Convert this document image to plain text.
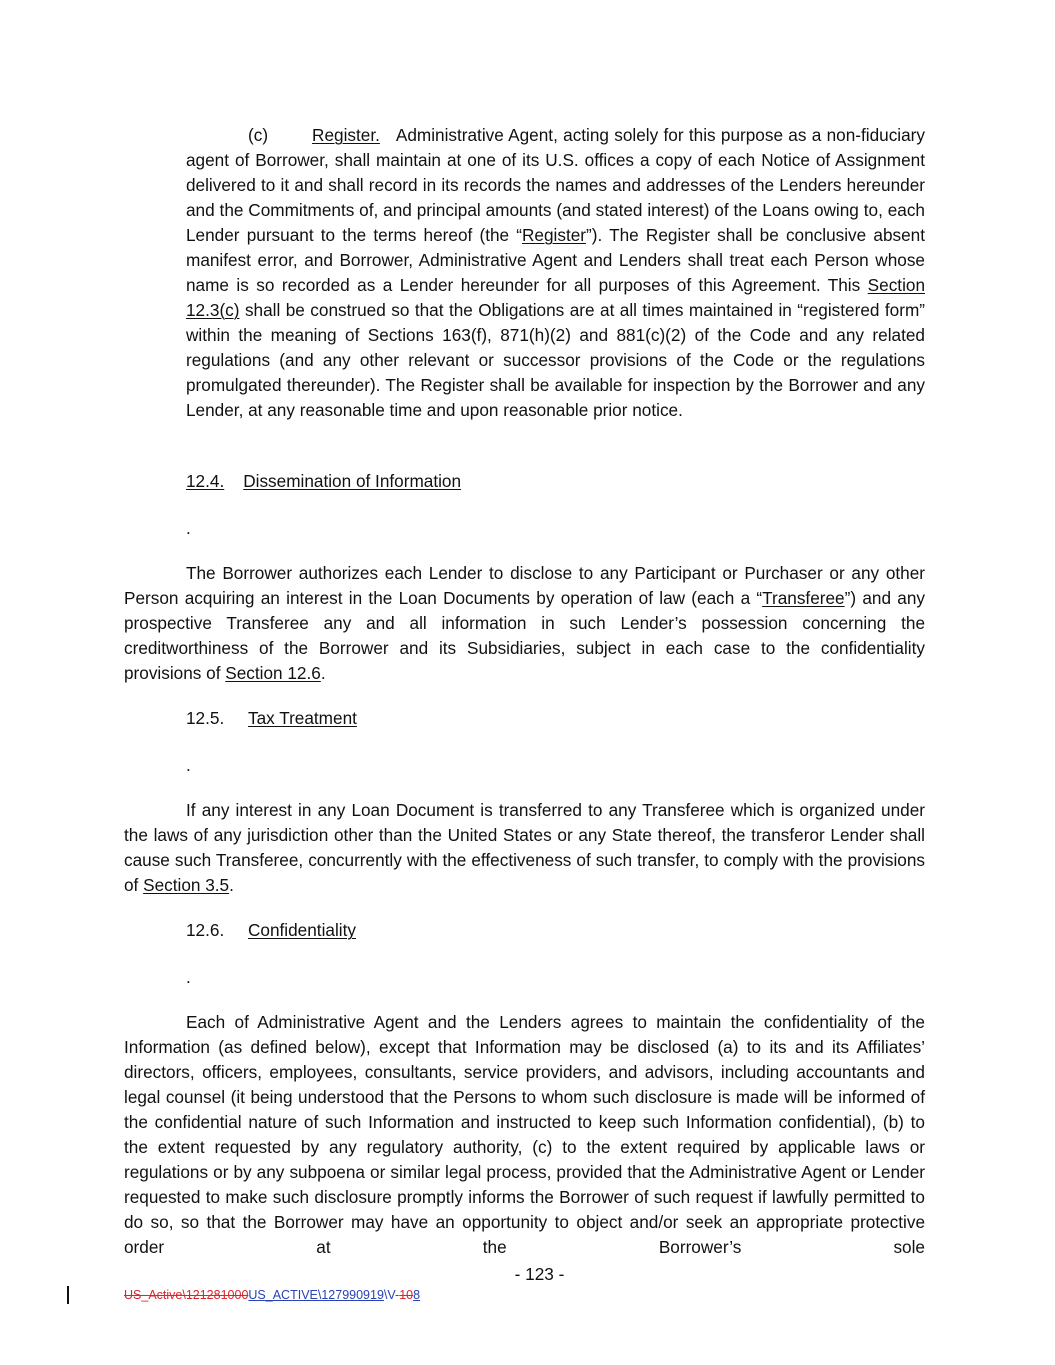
(c)	Register. Administrative Agent, acting solely for this purpose as a non-fiduciary agent of Borrower, shall maintain at one of its U.S. offices a copy of each Notice of Assignment delivered to it and shall record in its records the names and addresses of the Lenders hereunder and the Commitments of, and principal amounts (and stated interest) of the Loans owing to, each Lender pursuant to the terms hereof (the “Register”). The Register shall be conclusive absent manifest error, and Borrower, Administrative Agent and Lenders shall treat each Person whose name is so recorded as a Lender hereunder for all purposes of this Agreement. This Section 12.3(c) shall be construed so that the Obligations are at all times maintained in “registered form” within the meaning of Sections 163(f), 871(h)(2) and 881(c)(2) of the Code and any related regulations (and any other relevant or successor provisions of the Code or the regulations promulgated thereunder). The Register shall be available for inspection by the Borrower and any Lender, at any reasonable time and upon reasonable prior notice.

12.4. Dissemination of Information
.

The Borrower authorizes each Lender to disclose to any Participant or Purchaser or any other Person acquiring an interest in the Loan Documents by operation of law (each a “Transferee”) and any prospective Transferee any and all information in such Lender’s possession concerning the creditworthiness of the Borrower and its Subsidiaries, subject in each case to the confidentiality provisions of Section 12.6.

12.5. Tax Treatment
.

If any interest in any Loan Document is transferred to any Transferee which is organized under the laws of any jurisdiction other than the United States or any State thereof, the transferor Lender shall cause such Transferee, concurrently with the effectiveness of such transfer, to comply with the provisions of Section 3.5.

12.6. Confidentiality
.

Each of Administrative Agent and the Lenders agrees to maintain the confidentiality of the Information (as defined below), except that Information may be disclosed (a) to its and its Affiliates’ directors, officers, employees, consultants, service providers, and advisors, including accountants and legal counsel (it being understood that the Persons to whom such disclosure is made will be informed of the confidential nature of such Information and instructed to keep such Information confidential), (b) to the extent requested by any regulatory authority, (c) to the extent required by applicable laws or regulations or by any subpoena or similar legal process, provided that the Administrative Agent or Lender requested to make such disclosure promptly informs the Borrower of such request if lawfully permitted to do so, so that the Borrower may have an opportunity to object and/or seek an appropriate protective order at the Borrower’s sole

- 123 -
US_Active\121281000US_ACTIVE\127990919\V-108
